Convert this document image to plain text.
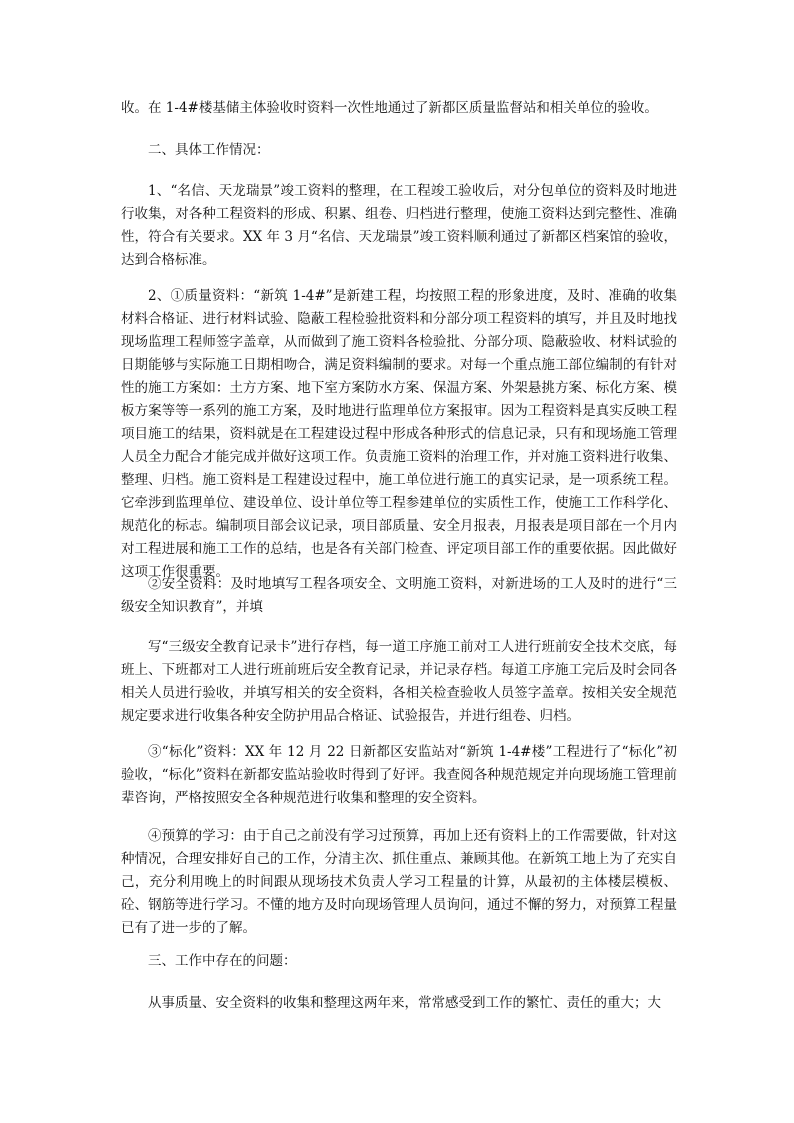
收。在 1-4#楼基储主体验收时资料一次性地通过了新都区质量监督站和相关单位的验收。

二、具体工作情况：

1、“名信、天龙瑞景”竣工资料的整理，在工程竣工验收后，对分包单位的资料及时地进行收集，对各种工程资料的形成、积累、组卷、归档进行整理，使施工资料达到完整性、准确性，符合有关要求。XX 年 3 月“名信、天龙瑞景”竣工资料顺利通过了新都区档案馆的验收，达到合格标准。

2、①质量资料：“新筑 1-4#”是新建工程，均按照工程的形象进度，及时、准确的收集材料合格证、进行材料试验、隐蔽工程检验批资料和分部分项工程资料的填写，并且及时地找现场监理工程师签字盖章，从而做到了施工资料各检验批、分部分项、隐蔽验收、材料试验的日期能够与实际施工日期相吻合，满足资料编制的要求。对每一个重点施工部位编制的有针对性的施工方案如：土方方案、地下室方案防水方案、保温方案、外架悬挑方案、标化方案、模板方案等等一系列的施工方案，及时地进行监理单位方案报审。因为工程资料是真实反映工程项目施工的结果，资料就是在工程建设过程中形成各种形式的信息记录，只有和现场施工管理人员全力配合才能完成并做好这项工作。负责施工资料的治理工作，并对施工资料进行收集、整理、归档。施工资料是工程建设过程中，施工单位进行施工的真实记录，是一项系统工程。它牵涉到监理单位、建设单位、设计单位等工程参建单位的实质性工作，使施工工作科学化、规范化的标志。编制项目部会议记录，项目部质量、安全月报表，月报表是项目部在一个月内对工程进展和施工工作的总结，也是各有关部门检查、评定项目部工作的重要依据。因此做好这项工作很重要。

②安全资料：及时地填写工程各项安全、文明施工资料，对新进场的工人及时的进行“三级安全知识教育”，并填

写“三级安全教育记录卡”进行存档，每一道工序施工前对工人进行班前安全技术交底，每班上、下班都对工人进行班前班后安全教育记录，并记录存档。每道工序施工完后及时会同各相关人员进行验收，并填写相关的安全资料，各相关检查验收人员签字盖章。按相关安全规范规定要求进行收集各种安全防护用品合格证、试验报告，并进行组卷、归档。

③“标化”资料：XX 年 12 月 22 日新都区安监站对“新筑 1-4#楼”工程进行了“标化”初验收，“标化”资料在新都安监站验收时得到了好评。我查阅各种规范规定并向现场施工管理前辈咨询，严格按照安全各种规范进行收集和整理的安全资料。

④预算的学习：由于自己之前没有学习过预算，再加上还有资料上的工作需要做，针对这种情况，合理安排好自己的工作，分清主次、抓住重点、兼顾其他。在新筑工地上为了充实自己，充分利用晚上的时间跟从现场技术负责人学习工程量的计算，从最初的主体楼层模板、砼、钢筋等进行学习。不懂的地方及时向现场管理人员询问，通过不懈的努力，对预算工程量已有了进一步的了解。

三、工作中存在的问题：

从事质量、安全资料的收集和整理这两年来，常常感受到工作的繁忙、责任的重大；大
